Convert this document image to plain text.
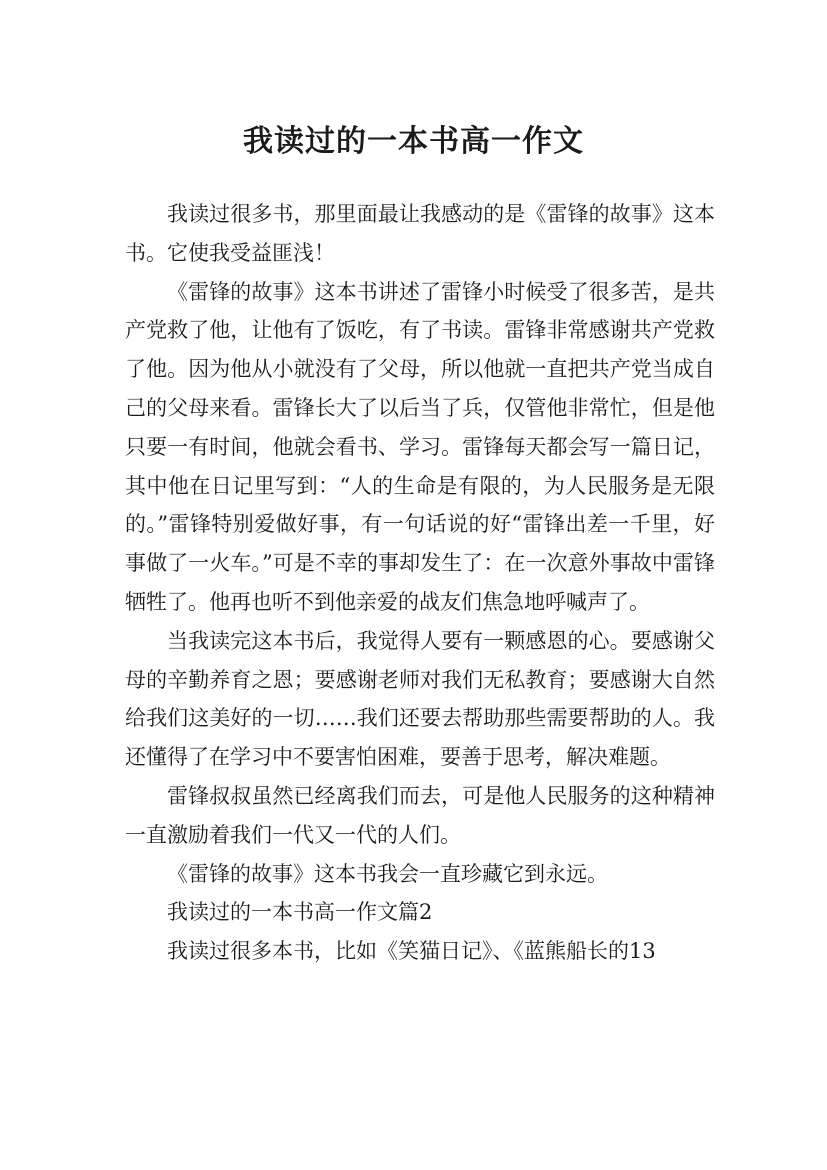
我读过的一本书高一作文

我读过很多书，那里面最让我感动的是《雷锋的故事》这本书。它使我受益匪浅！

《雷锋的故事》这本书讲述了雷锋小时候受了很多苦，是共产党救了他，让他有了饭吃，有了书读。雷锋非常感谢共产党救了他。因为他从小就没有了父母，所以他就一直把共产党当成自己的父母来看。雷锋长大了以后当了兵，仅管他非常忙，但是他只要一有时间，他就会看书、学习。雷锋每天都会写一篇日记，其中他在日记里写到：“人的生命是有限的，为人民服务是无限的。”雷锋特别爱做好事，有一句话说的好“雷锋出差一千里，好事做了一火车。”可是不幸的事却发生了：在一次意外事故中雷锋牺牲了。他再也听不到他亲爱的战友们焦急地呼喊声了。

当我读完这本书后，我觉得人要有一颗感恩的心。要感谢父母的辛勤养育之恩；要感谢老师对我们无私教育；要感谢大自然给我们这美好的一切……我们还要去帮助那些需要帮助的人。我还懂得了在学习中不要害怕困难，要善于思考，解决难题。

雷锋叔叔虽然已经离我们而去，可是他人民服务的这种精神一直激励着我们一代又一代的人们。

《雷锋的故事》这本书我会一直珍藏它到永远。

我读过的一本书高一作文篇2

我读过很多本书，比如《笑猫日记》、《蓝熊船长的13
